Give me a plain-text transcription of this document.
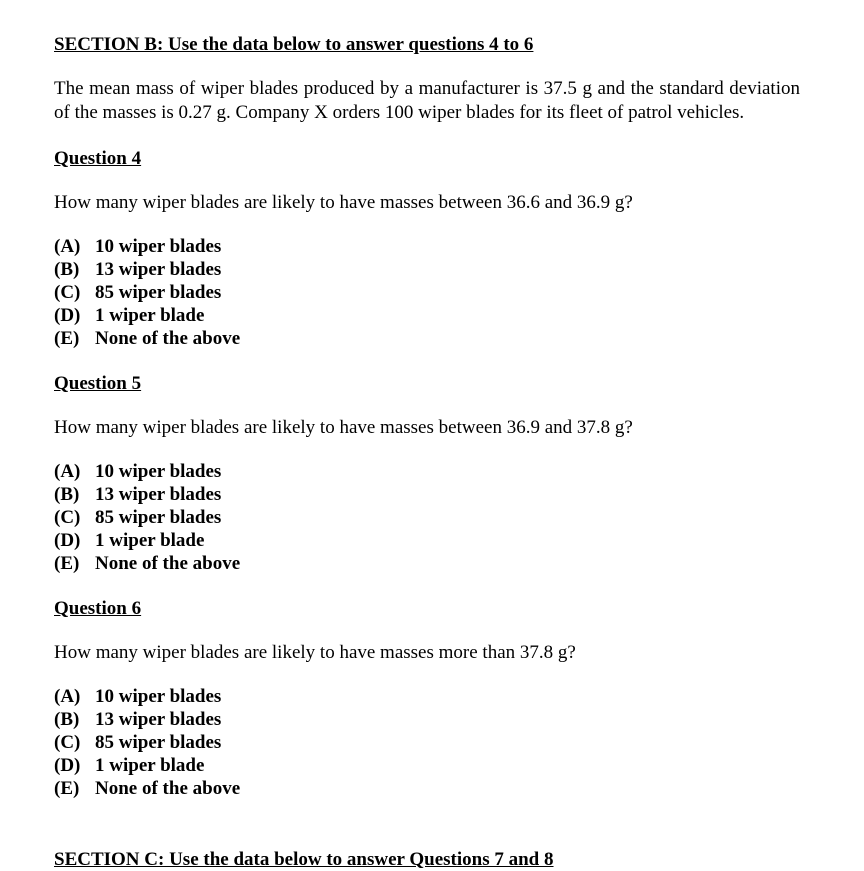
SECTION B: Use the data below to answer questions 4 to 6

The mean mass of wiper blades produced by a manufacturer is 37.5 g and the standard deviation of the masses is 0.27 g. Company X orders 100 wiper blades for its fleet of patrol vehicles.

Question 4

How many wiper blades are likely to have masses between 36.6 and 36.9 g?

(A) 10 wiper blades
(B) 13 wiper blades
(C) 85 wiper blades
(D) 1 wiper blade
(E) None of the above
Question 5

How many wiper blades are likely to have masses between 36.9 and 37.8 g?

(A) 10 wiper blades
(B) 13 wiper blades
(C) 85 wiper blades
(D) 1 wiper blade
(E) None of the above
Question 6

How many wiper blades are likely to have masses more than 37.8 g?

(A) 10 wiper blades
(B) 13 wiper blades
(C) 85 wiper blades
(D) 1 wiper blade
(E) None of the above
SECTION C: Use the data below to answer Questions 7 and 8
